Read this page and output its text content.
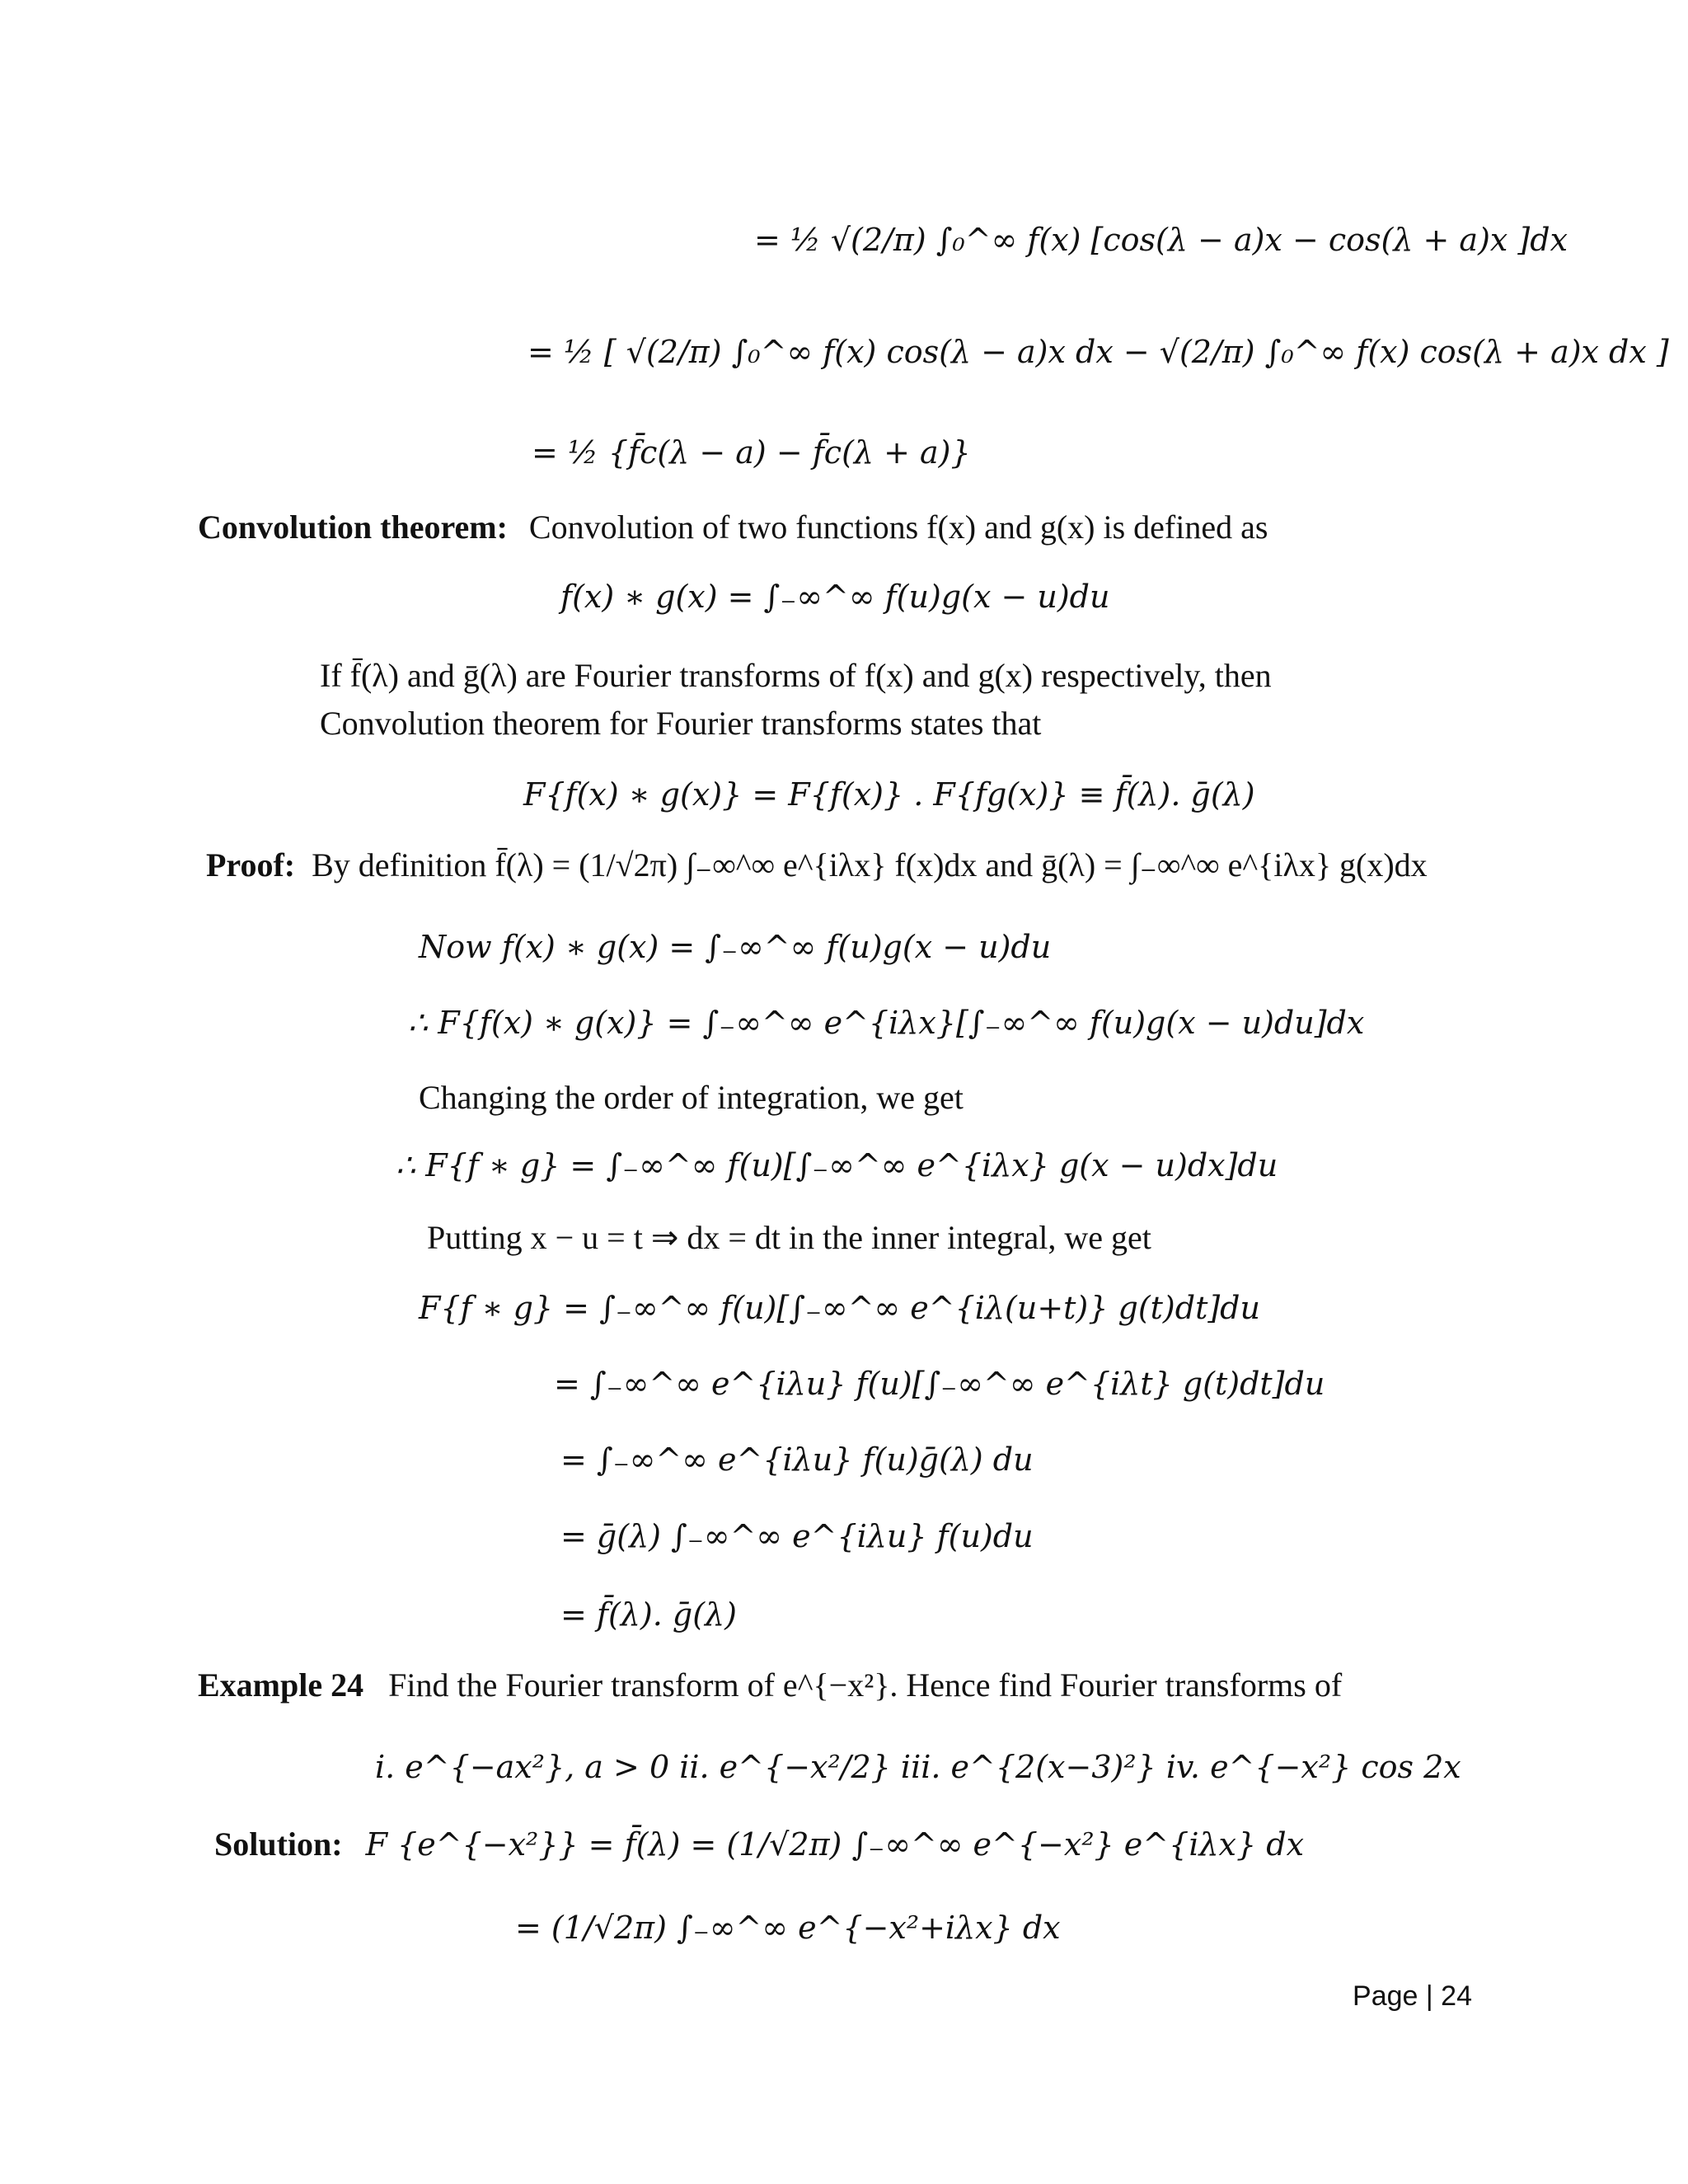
= ½ √(2/π) ∫₀^∞ f(x) [cos(λ − a)x − cos(λ + a)x ]dx
= ½ [ √(2/π) ∫₀^∞ f(x) cos(λ − a)x dx − √(2/π) ∫₀^∞ f(x) cos(λ + a)x dx ]
= ½ {f̄c(λ − a) − f̄c(λ + a)}
Convolution theorem: Convolution of two functions f(x) and g(x) is defined as
f(x) ∗ g(x) = ∫₋∞^∞ f(u)g(x − u)du
If f̄(λ) and ḡ(λ) are Fourier transforms of f(x) and g(x) respectively, then
Convolution theorem for Fourier transforms states that
F{f(x) ∗ g(x)} = F{f(x)} . F{fg(x)} ≡ f̄(λ). ḡ(λ)
Proof: By definition f̄(λ) = (1/√2π) ∫₋∞^∞ e^{iλx} f(x)dx and ḡ(λ) = ∫₋∞^∞ e^{iλx} g(x)dx
Now f(x) ∗ g(x) = ∫₋∞^∞ f(u)g(x − u)du
∴ F{f(x) ∗ g(x)} = ∫₋∞^∞ e^{iλx}[∫₋∞^∞ f(u)g(x − u)du]dx
Changing the order of integration, we get
∴ F{f ∗ g} = ∫₋∞^∞ f(u)[∫₋∞^∞ e^{iλx} g(x − u)dx]du
Putting x − u = t ⇒ dx = dt in the inner integral, we get
F{f ∗ g} = ∫₋∞^∞ f(u)[∫₋∞^∞ e^{iλ(u+t)} g(t)dt]du
= ∫₋∞^∞ e^{iλu} f(u)[∫₋∞^∞ e^{iλt} g(t)dt]du
= ∫₋∞^∞ e^{iλu} f(u)ḡ(λ) du
= ḡ(λ) ∫₋∞^∞ e^{iλu} f(u)du
= f̄(λ). ḡ(λ)
Example 24 Find the Fourier transform of e^{−x²}. Hence find Fourier transforms of
i. e^{−ax²}, a > 0 ii. e^{−x²/2} iii. e^{2(x−3)²} iv. e^{−x²} cos 2x
Solution: F {e^{−x²}} = f̄(λ) = (1/√2π) ∫₋∞^∞ e^{−x²} e^{iλx} dx
= (1/√2π) ∫₋∞^∞ e^{−x²+iλx} dx
Page | 24
